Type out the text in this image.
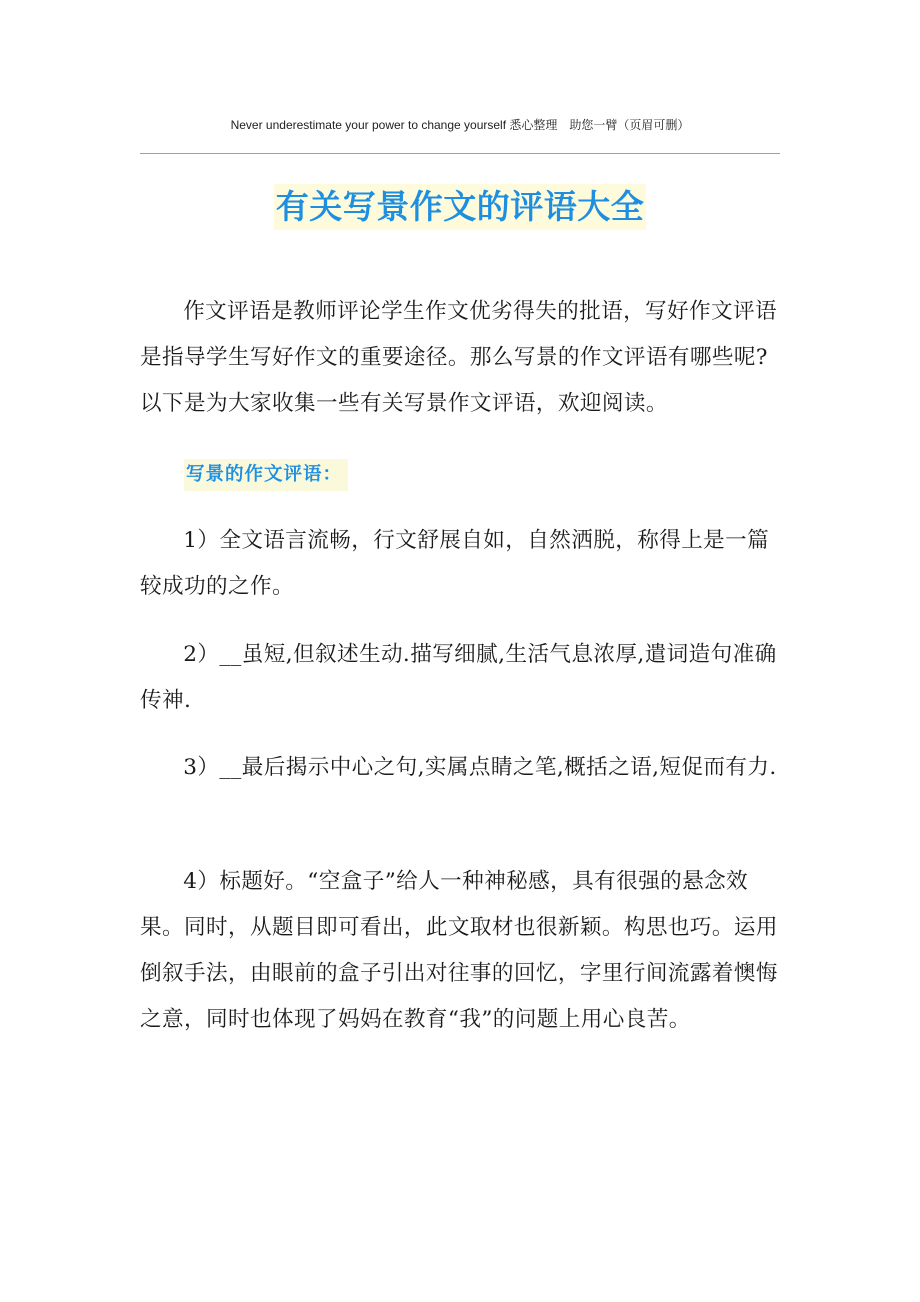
Never underestimate your power to change yourself 悉心整理　助您一臂（页眉可删）
有关写景作文的评语大全

作文评语是教师评论学生作文优劣得失的批语，写好作文评语是指导学生写好作文的重要途径。那么写景的作文评语有哪些呢?以下是为大家收集一些有关写景作文评语，欢迎阅读。

写景的作文评语：

1）全文语言流畅，行文舒展自如，自然洒脱，称得上是一篇较成功的之作。

2）__虽短,但叙述生动.描写细腻,生活气息浓厚,遣词造句准确传神.

3）__最后揭示中心之句,实属点睛之笔,概括之语,短促而有力.

4）标题好。“空盒子”给人一种神秘感，具有很强的悬念效果。同时，从题目即可看出，此文取材也很新颖。构思也巧。运用倒叙手法，由眼前的盒子引出对往事的回忆，字里行间流露着懊悔之意，同时也体现了妈妈在教育“我”的问题上用心良苦。
